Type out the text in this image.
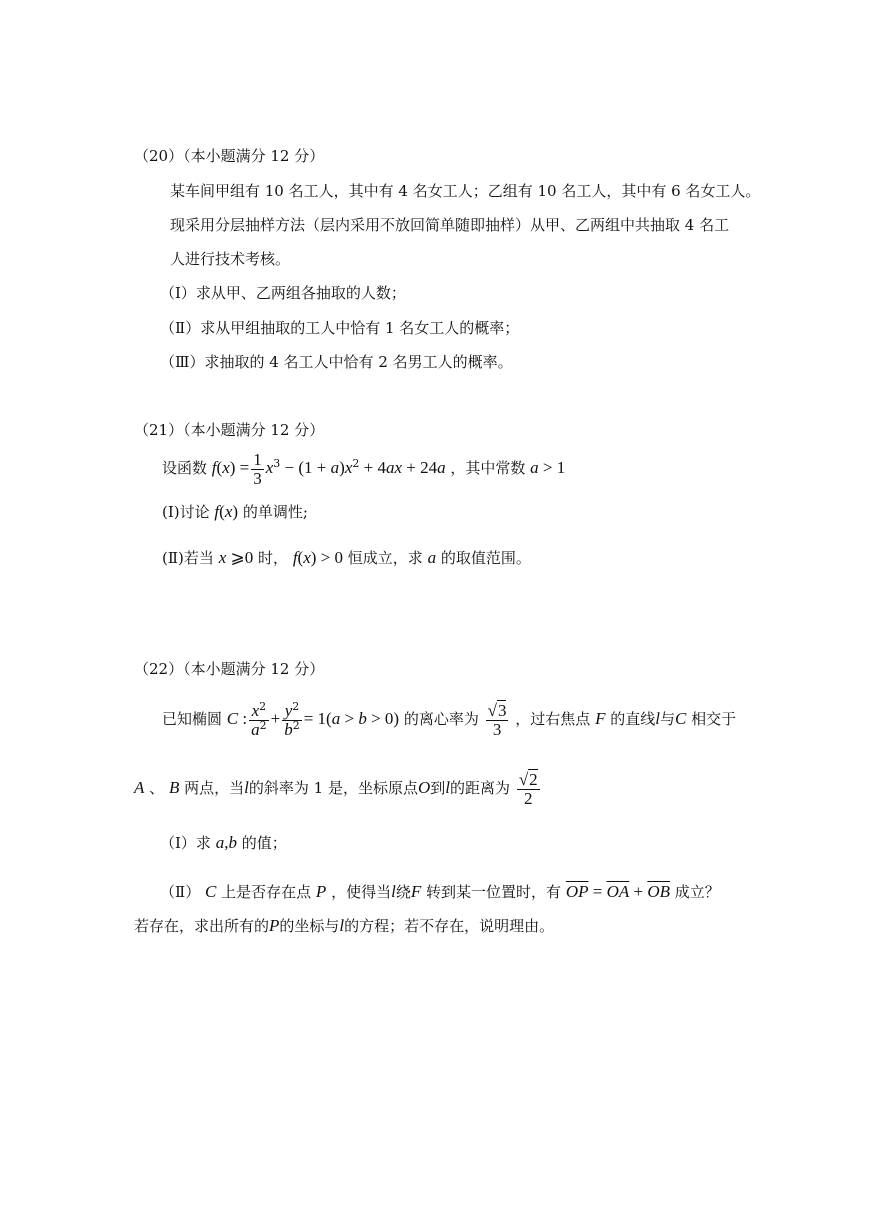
（20）（本小题满分 12 分）
某车间甲组有 10 名工人，其中有 4 名女工人；乙组有 10 名工人，其中有 6 名女工人。
现采用分层抽样方法（层内采用不放回简单随即抽样）从甲、乙两组中共抽取 4 名工
人进行技术考核。
（Ⅰ）求从甲、乙两组各抽取的人数；
（Ⅱ）求从甲组抽取的工人中恰有 1 名女工人的概率；
（Ⅲ）求抽取的 4 名工人中恰有 2 名男工人的概率。
（21）（本小题满分 12 分）
设函数 $f(x) = \frac{1}{3} x^3 - (1 + a)x^2 + 4ax + 24a$ ，其中常数 a > 1
(Ⅰ)讨论 f(x) 的单调性;
(Ⅱ)若当 x ⩾0 时， f(x) > 0 恒成立，求 a 的取值范围。
（22）（本小题满分 12 分）
已知椭圆 C : $\frac{x^2}{a^2} + \frac{y^2}{b^2} = 1(a > b > 0)$ 的离心率为 $\frac{√3}{3}$ ，过右焦点 F 的直线l与C 相交于
A 、 B 两点，当l的斜率为 1 是，坐标原点O到l的距离为 $\frac{√2}{2}$
（Ⅰ）求 a,b 的值；
（Ⅱ） C 上是否存在点 P ，使得当l绕F 转到某一位置时，有 $\overline{OP} = \overline{OA} + \overline{OB}$ 成立？
若存在，求出所有的P的坐标与l的方程；若不存在，说明理由。
